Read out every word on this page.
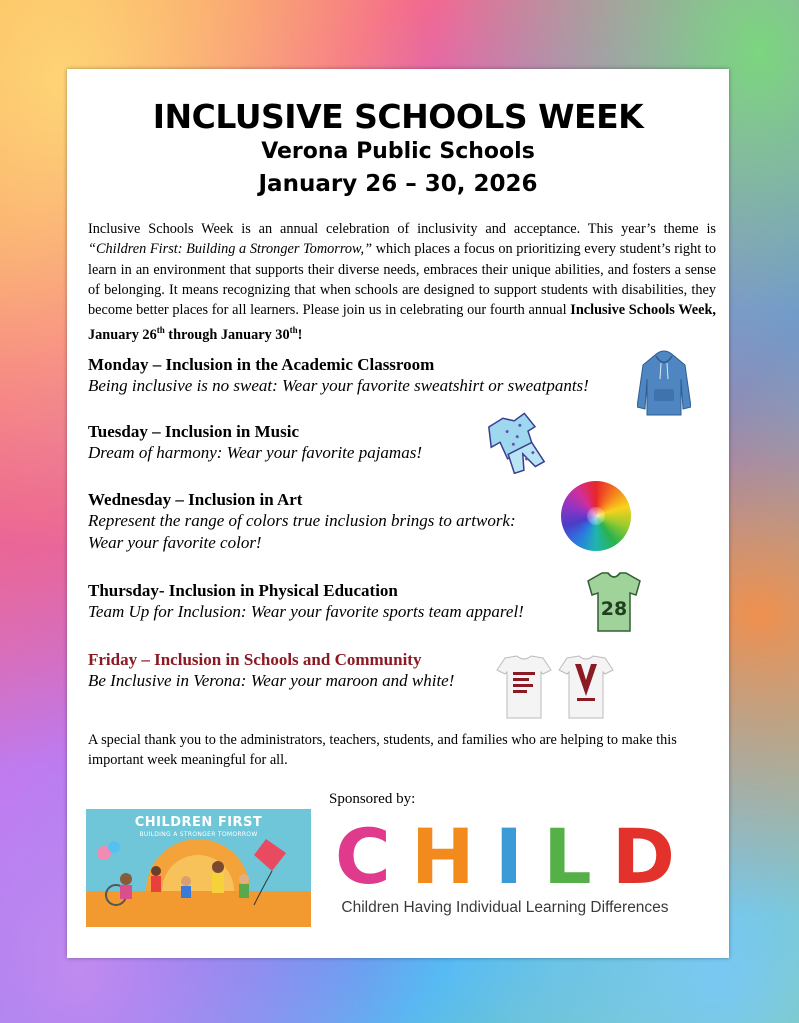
INCLUSIVE SCHOOLS WEEK
Verona Public Schools
January 26 – 30, 2026
Inclusive Schools Week is an annual celebration of inclusivity and acceptance. This year’s theme is “Children First: Building a Stronger Tomorrow,” which places a focus on prioritizing every student’s right to learn in an environment that supports their diverse needs, embraces their unique abilities, and fosters a sense of belonging. It means recognizing that when schools are designed to support students with disabilities, they become better places for all learners. Please join us in celebrating our fourth annual Inclusive Schools Week, January 26th through January 30th!
Monday – Inclusion in the Academic Classroom
Being inclusive is no sweat: Wear your favorite sweatshirt or sweatpants!
Tuesday – Inclusion in Music
Dream of harmony: Wear your favorite pajamas!
Wednesday – Inclusion in Art
Represent the range of colors true inclusion brings to artwork:
Wear your favorite color!
Thursday- Inclusion in Physical Education
Team Up for Inclusion: Wear your favorite sports team apparel!	28
Friday – Inclusion in Schools and Community
Be Inclusive in Verona: Wear your maroon and white!
A special thank you to the administrators, teachers, students, and families who are helping to make this important week meaningful for all.
Sponsored by:
CHILDREN FIRST
BUILDING A STRONGER TOMORROW	C H I L D
Children Having Individual Learning Differences
